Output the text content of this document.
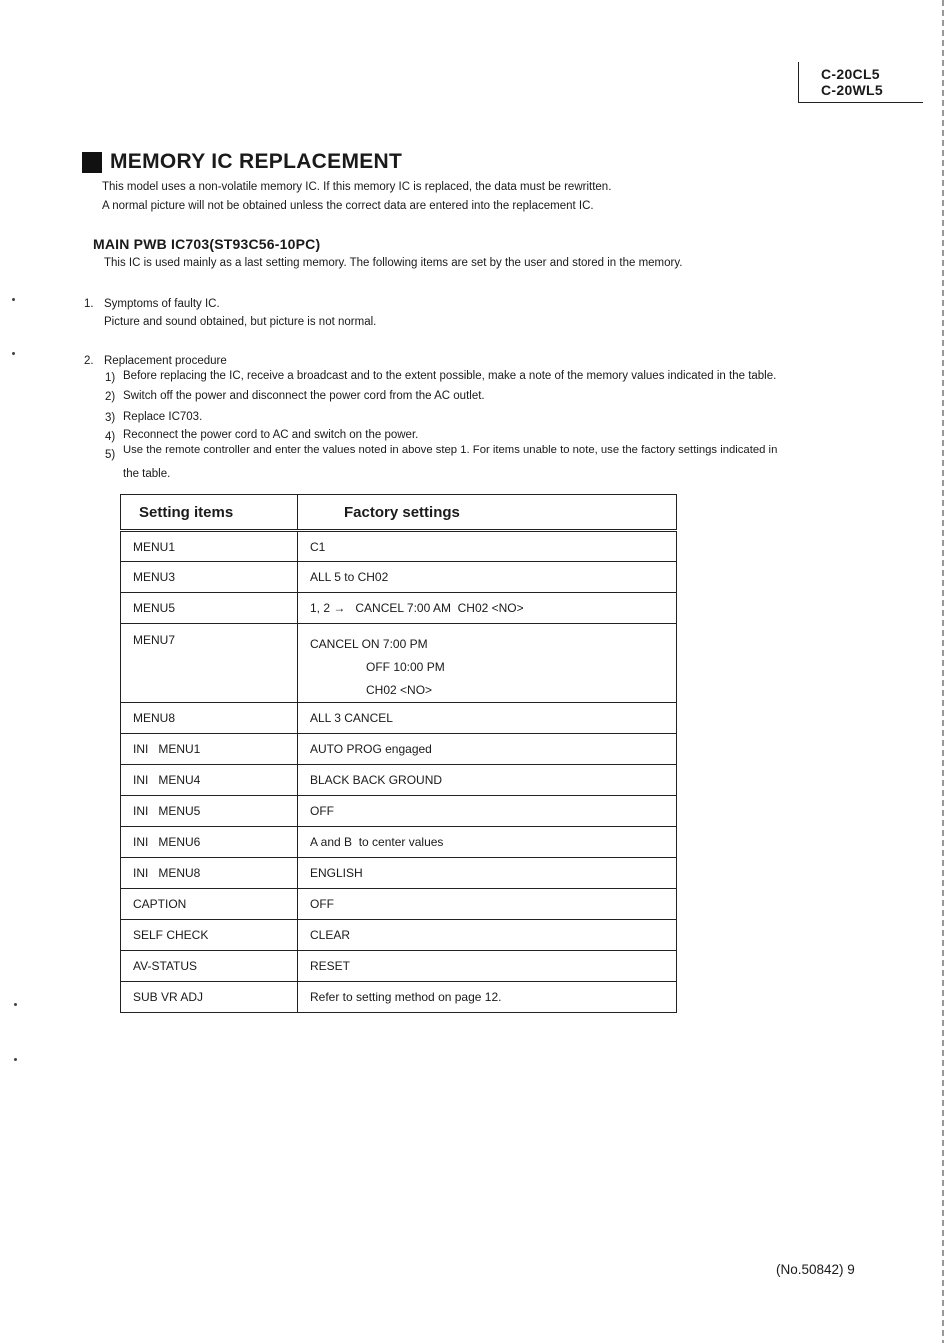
C-20CL5
C-20WL5
MEMORY IC REPLACEMENT
This model uses a non-volatile memory IC. If this memory IC is replaced, the data must be rewritten.
A normal picture will not be obtained unless the correct data are entered into the replacement IC.
MAIN PWB IC703(ST93C56-10PC)
This IC is used mainly as a last setting memory. The following items are set by the user and stored in the memory.
1. Symptoms of faulty IC.
Picture and sound obtained, but picture is not normal.
2. Replacement procedure
1) Before replacing the IC, receive a broadcast and to the extent possible, make a note of the memory values indicated in the table.
2) Switch off the power and disconnect the power cord from the AC outlet.
3) Replace IC703.
4) Reconnect the power cord to AC and switch on the power.
5) Use the remote controller and enter the values noted in above step 1. For items unable to note, use the factory settings indicated in
the table.
Setting items	Factory settings
MENU1	C1
MENU3	ALL 5 to CH02
MENU5	1, 2 →   CANCEL 7:00 AM  CH02 <NO>
MENU7	CANCEL ON 7:00 PM
OFF 10:00 PM
CH02 <NO>

MENU8	ALL 3 CANCEL
INI   MENU1	AUTO PROG engaged
INI   MENU4	BLACK BACK GROUND
INI   MENU5	OFF
INI   MENU6	A and B  to center values
INI   MENU8	ENGLISH
CAPTION	OFF
SELF CHECK	CLEAR
AV-STATUS	RESET
SUB VR ADJ	Refer to setting method on page 12.
(No.50842) 9
